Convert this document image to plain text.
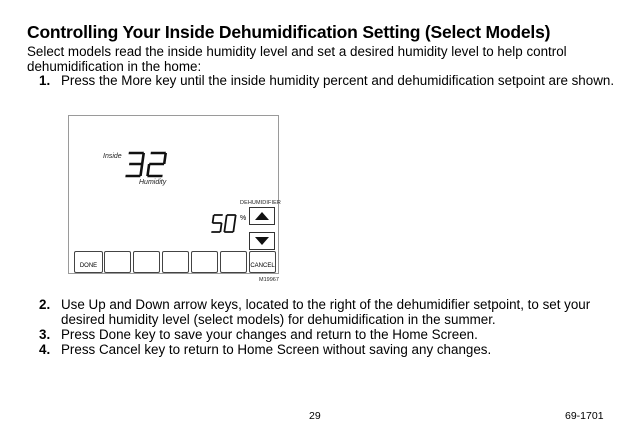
Controlling Your Inside Dehumidification Setting (Select Models)
Select models read the inside humidity level and set a desired humidity level to help control dehumidification in the home:
1. Press the More key until the inside humidity percent and dehumidification setpoint are shown.
Inside
Humidity
DEHUMIDIFIER
%
DONE	CANCEL
M19967
2. Use Up and Down arrow keys, located to the right of the dehumidifier setpoint, to set your desired humidity level (select models) for dehumidification in the summer.
3. Press Done key to save your changes and return to the Home Screen.
4. Press Cancel key to return to Home Screen without saving any changes.
29	69-1701
